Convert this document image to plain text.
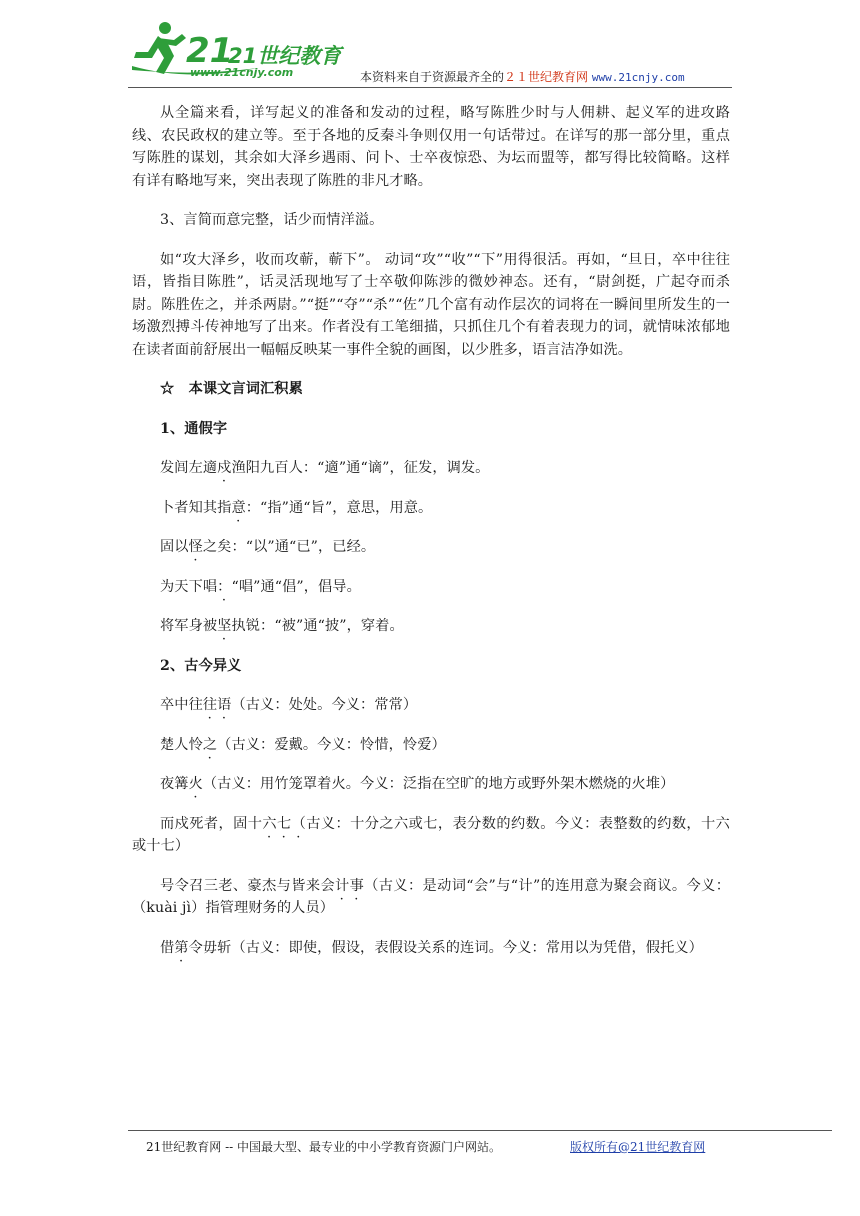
21
21世纪教育
www.21cnjy.com	本资料来自于资源最齐全的２１世纪教育网 www.21cnjy.com

从全篇来看，详写起义的准备和发动的过程，略写陈胜少时与人佣耕、起义军的进攻路线、农民政权的建立等。至于各地的反秦斗争则仅用一句话带过。在详写的那一部分里，重点写陈胜的谋划，其余如大泽乡遇雨、问卜、士卒夜惊恐、为坛而盟等，都写得比较简略。这样有详有略地写来，突出表现了陈胜的非凡才略。

3、言简而意完整，话少而情洋溢。

如“攻大泽乡，收而攻蕲，蕲下”。 动词“攻”“收”“下”用得很活。再如，“旦日，卒中往往语，皆指目陈胜”，话灵活现地写了士卒敬仰陈涉的微妙神态。还有，“尉剑挺，广起夺而杀尉。陈胜佐之，并杀两尉。”“挺”“夺”“杀”“佐”几个富有动作层次的词将在一瞬间里所发生的一场激烈搏斗传神地写了出来。作者没有工笔细描，只抓住几个有着表现力的词，就情味浓郁地在读者面前舒展出一幅幅反映某一事件全貌的画图，以少胜多，语言洁净如洗。

☆　本课文言词汇积累

1、通假字

发闾左適戍渔阳九百人：“適”通“谪”，征发，调发。

卜者知其指意：“指”通“旨”，意思，用意。

固以怪之矣：“以”通“已”，已经。

为天下唱：“唱”通“倡”，倡导。

将军身被坚执锐：“被”通“披”，穿着。

2、古今异义

卒中往往语（古义：处处。今义：常常）

楚人怜之（古义：爱戴。今义：怜惜，怜爱）

夜篝火（古义：用竹笼罩着火。今义：泛指在空旷的地方或野外架木燃烧的火堆）

而戍死者，固十六七（古义：十分之六或七，表分数的约数。今义：表整数的约数，十六或十七）

号令召三老、豪杰与皆来会计事（古义：是动词“会”与“计”的连用意为聚会商议。今义：（kuài jì）指管理财务的人员）

借第令毋斩（古义：即使，假设，表假设关系的连词。今义：常用以为凭借，假托义）

21世纪教育网 -- 中国最大型、最专业的中小学教育资源门户网站。	版权所有@21世纪教育网
